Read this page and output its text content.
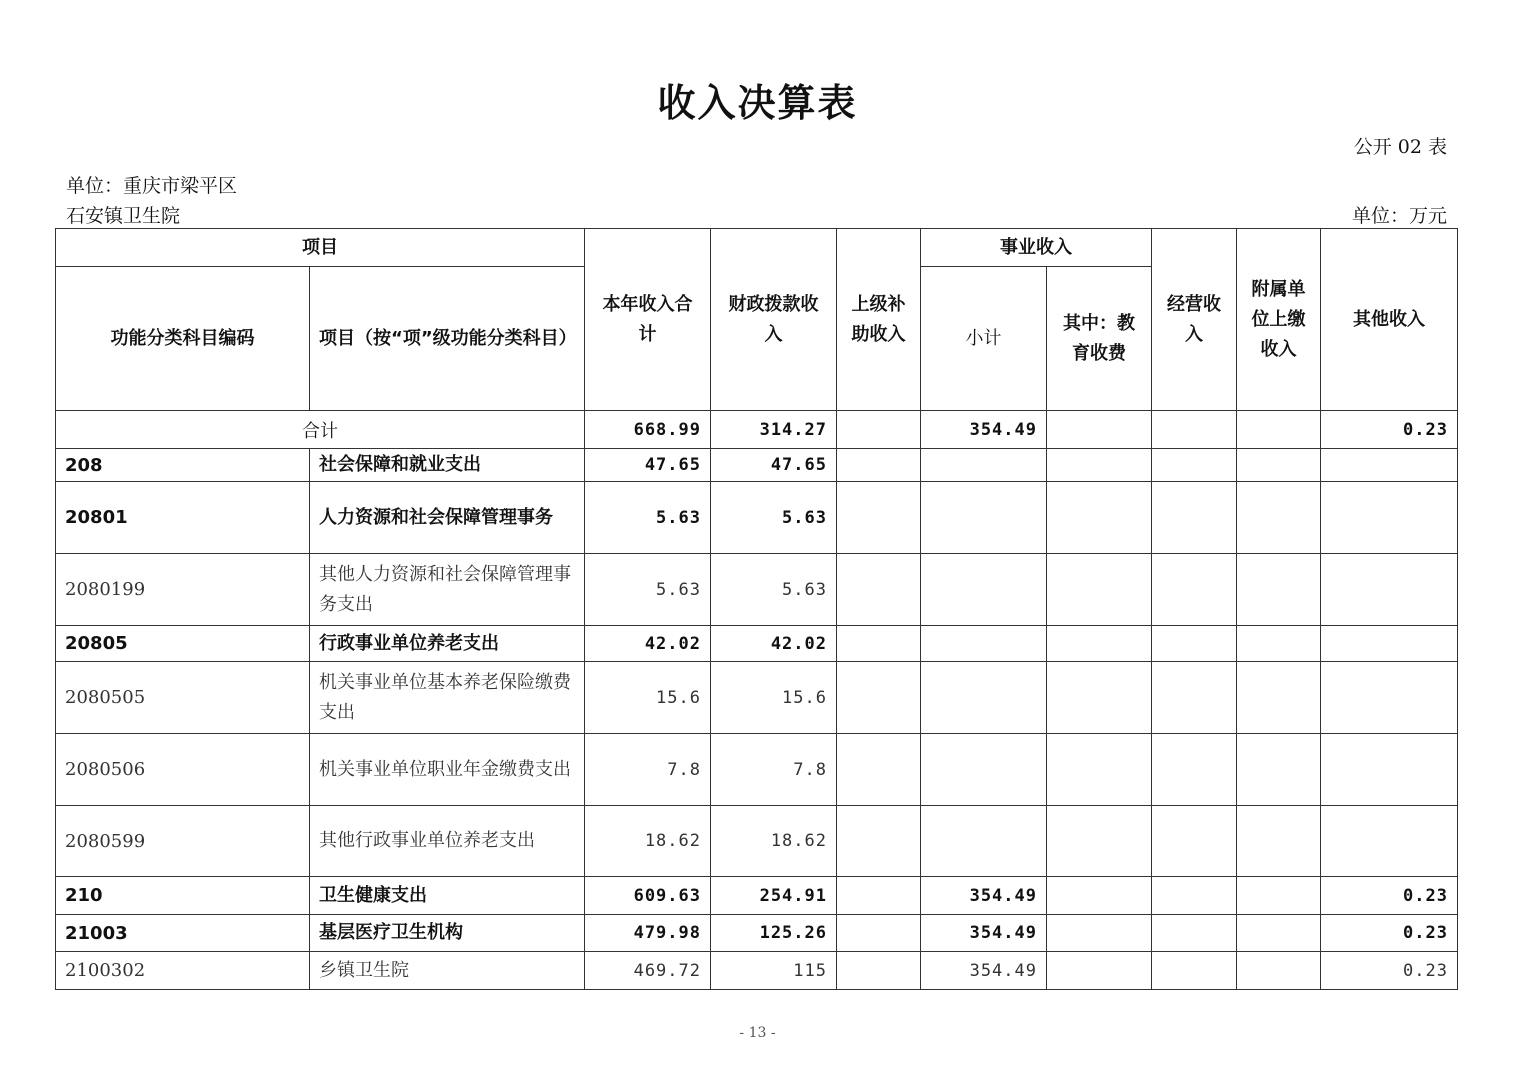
收入决算表
公开 02 表
单位：重庆市梁平区
石安镇卫生院	单位：万元
项目		本年收入合计	财政拨款收入	上级补助收入	事业收入		经营收入	附属单位上缴收入	其他收入
功能分类科目编码	项目（按“项”级功能分类科目）				小计	其中：教育收费			
合计		668.99	314.27		354.49				0.23
208	社会保障和就业支出	47.65	47.65						
20801	人力资源和社会保障管理事务	5.63	5.63						
2080199	其他人力资源和社会保障管理事务支出	5.63	5.63						
20805	行政事业单位养老支出	42.02	42.02						
2080505	机关事业单位基本养老保险缴费支出	15.6	15.6						
2080506	机关事业单位职业年金缴费支出	7.8	7.8						
2080599	其他行政事业单位养老支出	18.62	18.62						
210	卫生健康支出	609.63	254.91		354.49				0.23
21003	基层医疗卫生机构	479.98	125.26		354.49				0.23
2100302	乡镇卫生院	469.72	115		354.49				0.23
- 13 -
